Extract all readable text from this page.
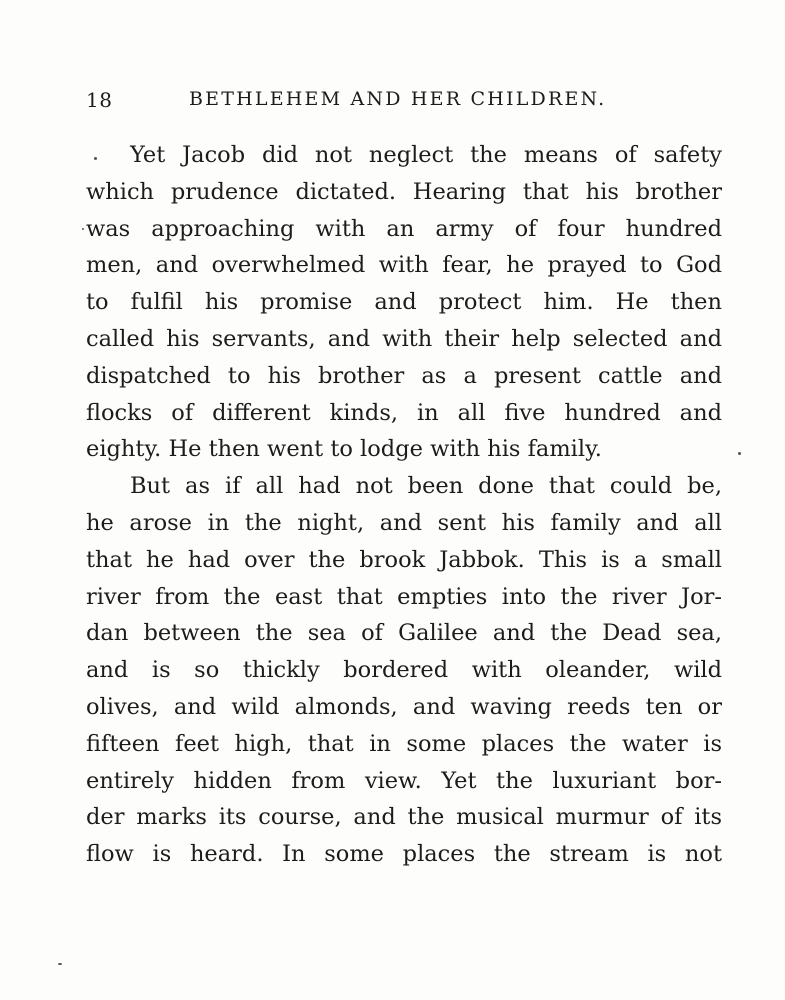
18	BETHLEHEM AND HER CHILDREN.
Yet Jacob did not neglect the means of safety
which prudence dictated. Hearing that his brother
was approaching with an army of four hundred
men, and overwhelmed with fear, he prayed to God
to fulfil his promise and protect him. He then
called his servants, and with their help selected and
dispatched to his brother as a present cattle and
flocks of different kinds, in all five hundred and
eighty. He then went to lodge with his family.
But as if all had not been done that could be,
he arose in the night, and sent his family and all
that he had over the brook Jabbok. This is a small
river from the east that empties into the river Jor-
dan between the sea of Galilee and the Dead sea,
and is so thickly bordered with oleander, wild
olives, and wild almonds, and waving reeds ten or
fifteen feet high, that in some places the water is
entirely hidden from view. Yet the luxuriant bor-
der marks its course, and the musical murmur of its
flow is heard. In some places the stream is not
